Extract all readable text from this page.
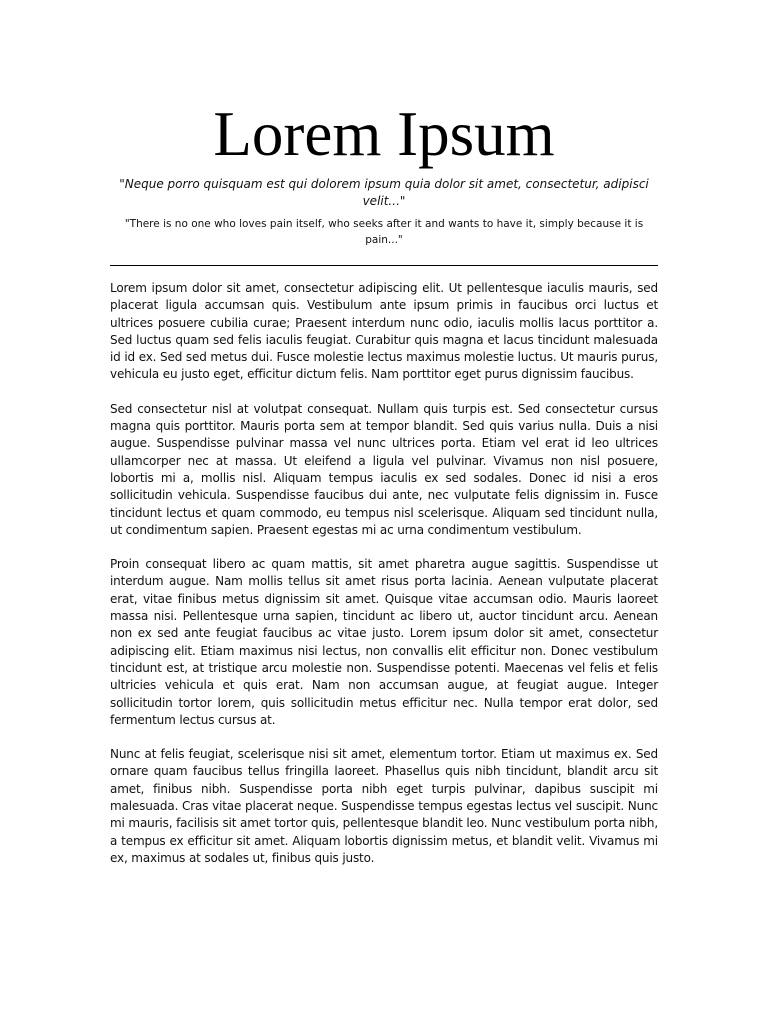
Lorem Ipsum

"Neque porro quisquam est qui dolorem ipsum quia dolor sit amet, consectetur, adipisci velit..."

"There is no one who loves pain itself, who seeks after it and wants to have it, simply because it is pain..."

Lorem ipsum dolor sit amet, consectetur adipiscing elit. Ut pellentesque iaculis mauris, sed placerat ligula accumsan quis. Vestibulum ante ipsum primis in faucibus orci luctus et ultrices posuere cubilia curae; Praesent interdum nunc odio, iaculis mollis lacus porttitor a. Sed luctus quam sed felis iaculis feugiat. Curabitur quis magna et lacus tincidunt malesuada id id ex. Sed sed metus dui. Fusce molestie lectus maximus molestie luctus. Ut mauris purus, vehicula eu justo eget, efficitur dictum felis. Nam porttitor eget purus dignissim faucibus.

Sed consectetur nisl at volutpat consequat. Nullam quis turpis est. Sed consectetur cursus magna quis porttitor. Mauris porta sem at tempor blandit. Sed quis varius nulla. Duis a nisi augue. Suspendisse pulvinar massa vel nunc ultrices porta. Etiam vel erat id leo ultrices ullamcorper nec at massa. Ut eleifend a ligula vel pulvinar. Vivamus non nisl posuere, lobortis mi a, mollis nisl. Aliquam tempus iaculis ex sed sodales. Donec id nisi a eros sollicitudin vehicula. Suspendisse faucibus dui ante, nec vulputate felis dignissim in. Fusce tincidunt lectus et quam commodo, eu tempus nisl scelerisque. Aliquam sed tincidunt nulla, ut condimentum sapien. Praesent egestas mi ac urna condimentum vestibulum.

Proin consequat libero ac quam mattis, sit amet pharetra augue sagittis. Suspendisse ut interdum augue. Nam mollis tellus sit amet risus porta lacinia. Aenean vulputate placerat erat, vitae finibus metus dignissim sit amet. Quisque vitae accumsan odio. Mauris laoreet massa nisi. Pellentesque urna sapien, tincidunt ac libero ut, auctor tincidunt arcu. Aenean non ex sed ante feugiat faucibus ac vitae justo. Lorem ipsum dolor sit amet, consectetur adipiscing elit. Etiam maximus nisi lectus, non convallis elit efficitur non. Donec vestibulum tincidunt est, at tristique arcu molestie non. Suspendisse potenti. Maecenas vel felis et felis ultricies vehicula et quis erat. Nam non accumsan augue, at feugiat augue. Integer sollicitudin tortor lorem, quis sollicitudin metus efficitur nec. Nulla tempor erat dolor, sed fermentum lectus cursus at.

Nunc at felis feugiat, scelerisque nisi sit amet, elementum tortor. Etiam ut maximus ex. Sed ornare quam faucibus tellus fringilla laoreet. Phasellus quis nibh tincidunt, blandit arcu sit amet, finibus nibh. Suspendisse porta nibh eget turpis pulvinar, dapibus suscipit mi malesuada. Cras vitae placerat neque. Suspendisse tempus egestas lectus vel suscipit. Nunc mi mauris, facilisis sit amet tortor quis, pellentesque blandit leo. Nunc vestibulum porta nibh, a tempus ex efficitur sit amet. Aliquam lobortis dignissim metus, et blandit velit. Vivamus mi ex, maximus at sodales ut, finibus quis justo.
